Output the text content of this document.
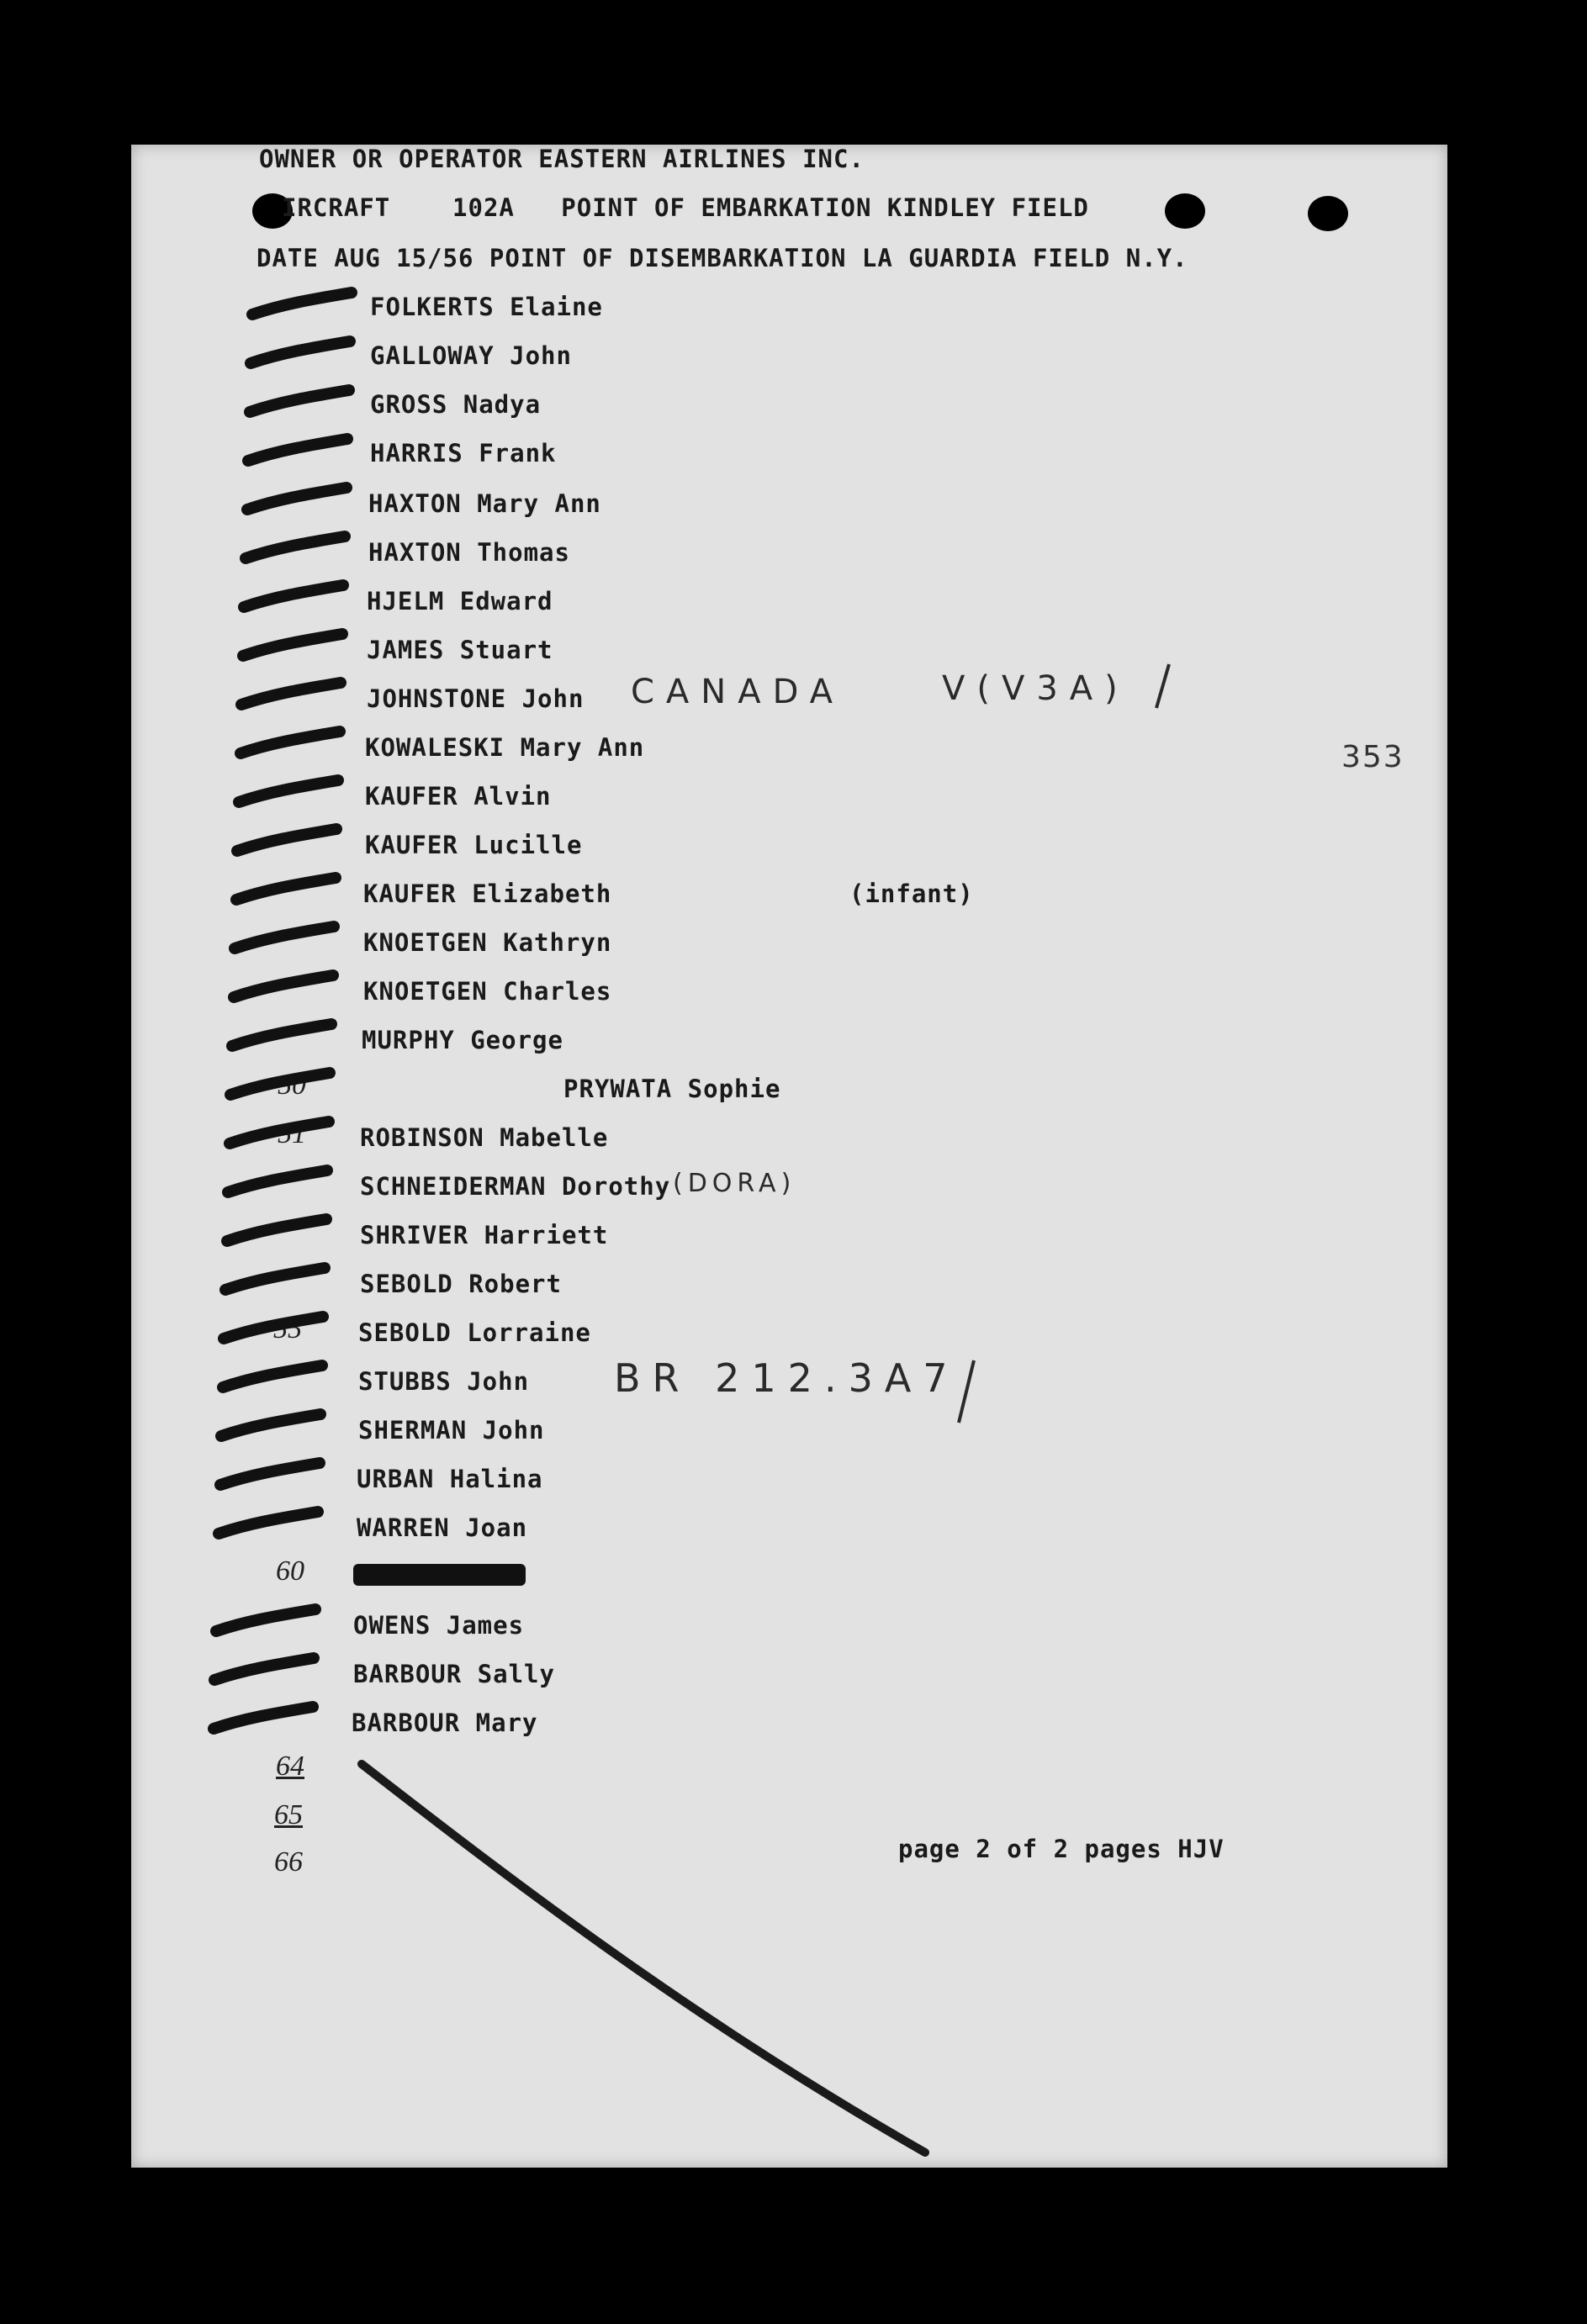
OWNER OR OPERATOR EASTERN AIRLINES INC.
IRCRAFT    102A   POINT OF EMBARKATION KINDLEY FIELD
DATE AUG 15/56 POINT OF DISEMBARKATION LA GUARDIA FIELD N.Y.
353
FOLKERTS Elaine
GALLOWAY John
GROSS Nadya
HARRIS Frank
HAXTON Mary Ann
HAXTON Thomas
HJELM Edward
JAMES Stuart
JOHNSTONE John
KOWALESKI Mary Ann
KAUFER Alvin
KAUFER Lucille
KAUFER Elizabeth
KNOETGEN Kathryn
KNOETGEN Charles
MURPHY George
PRYWATA Sophie
ROBINSON Mabelle
SCHNEIDERMAN Dorothy
SHRIVER Harriett
SEBOLD Robert
SEBOLD Lorraine
STUBBS John
SHERMAN John
URBAN Halina
WARREN Joan
OWENS James
BARBOUR Sally
BARBOUR Mary
(infant)
CANADA	V(V3A)
(DORA)
BR 212.3A7
50
51
55
60
64
65
66	page 2 of 2 pages HJV
